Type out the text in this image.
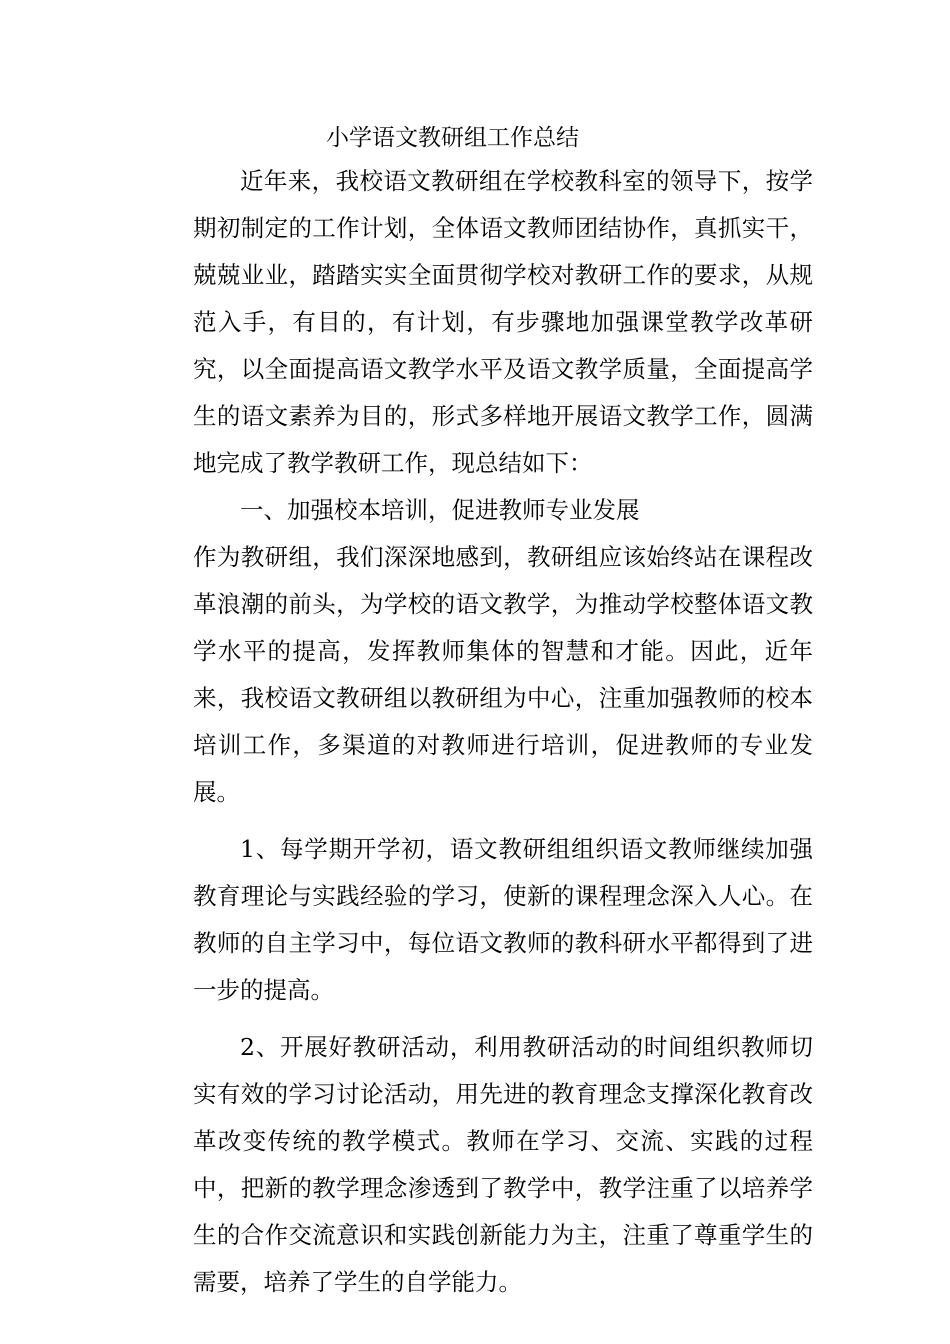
小学语文教研组工作总结

近年来，我校语文教研组在学校教科室的领导下，按学期初制定的工作计划，全体语文教师团结协作，真抓实干，兢兢业业，踏踏实实全面贯彻学校对教研工作的要求，从规范入手，有目的，有计划，有步骤地加强课堂教学改革研究，以全面提高语文教学水平及语文教学质量，全面提高学生的语文素养为目的，形式多样地开展语文教学工作，圆满地完成了教学教研工作，现总结如下：

一、加强校本培训，促进教师专业发展

作为教研组，我们深深地感到，教研组应该始终站在课程改革浪潮的前头，为学校的语文教学，为推动学校整体语文教学水平的提高，发挥教师集体的智慧和才能。因此，近年来，我校语文教研组以教研组为中心，注重加强教师的校本培训工作，多渠道的对教师进行培训，促进教师的专业发展。

1、每学期开学初，语文教研组组织语文教师继续加强教育理论与实践经验的学习，使新的课程理念深入人心。在教师的自主学习中，每位语文教师的教科研水平都得到了进一步的提高。

2、开展好教研活动，利用教研活动的时间组织教师切实有效的学习讨论活动，用先进的教育理念支撑深化教育改革改变传统的教学模式。教师在学习、交流、实践的过程中，把新的教学理念渗透到了教学中，教学注重了以培养学生的合作交流意识和实践创新能力为主，注重了尊重学生的需要，培养了学生的自学能力。
